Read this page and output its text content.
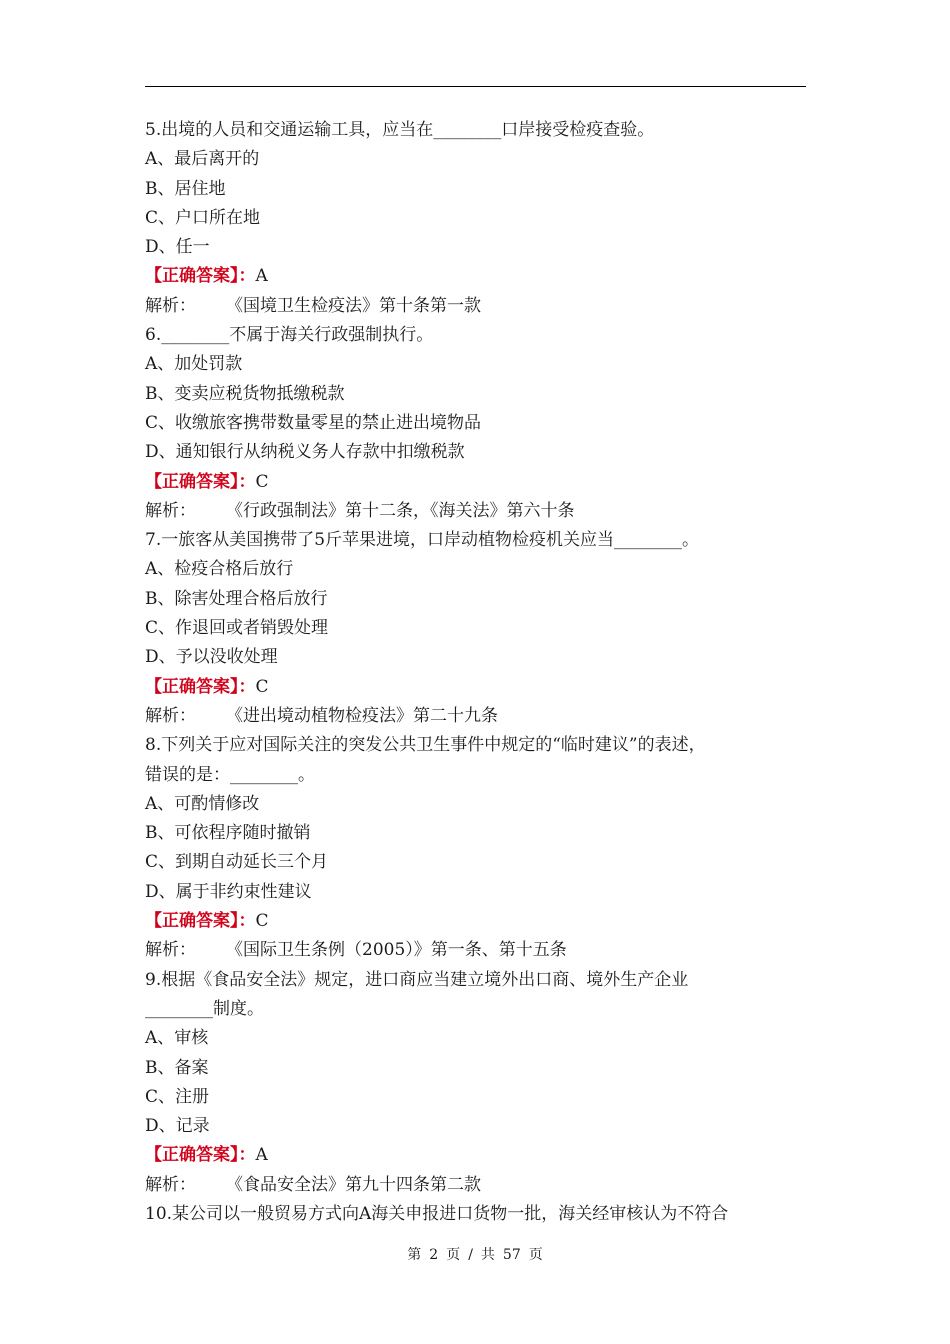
5.出境的人员和交通运输工具，应当在________口岸接受检疫查验。
A、最后离开的
B、居住地
C、户口所在地
D、任一
【正确答案】：A
解析： 《国境卫生检疫法》第十条第一款
6.________不属于海关行政强制执行。
A、加处罚款
B、变卖应税货物抵缴税款
C、收缴旅客携带数量零星的禁止进出境物品
D、通知银行从纳税义务人存款中扣缴税款
【正确答案】：C
解析： 《行政强制法》第十二条，《海关法》第六十条
7.一旅客从美国携带了5斤苹果进境，口岸动植物检疫机关应当________。
A、检疫合格后放行
B、除害处理合格后放行
C、作退回或者销毁处理
D、予以没收处理
【正确答案】：C
解析： 《进出境动植物检疫法》第二十九条
8.下列关于应对国际关注的突发公共卫生事件中规定的“临时建议”的表述，
错误的是：________。
A、可酌情修改
B、可依程序随时撤销
C、到期自动延长三个月
D、属于非约束性建议
【正确答案】：C
解析： 《国际卫生条例（2005）》第一条、第十五条
9.根据《食品安全法》规定，进口商应当建立境外出口商、境外生产企业
________制度。
A、审核
B、备案
C、注册
D、记录
【正确答案】：A
解析： 《食品安全法》第九十四条第二款
10.某公司以一般贸易方式向A海关申报进口货物一批，海关经审核认为不符合
第 2 页 / 共 57 页
